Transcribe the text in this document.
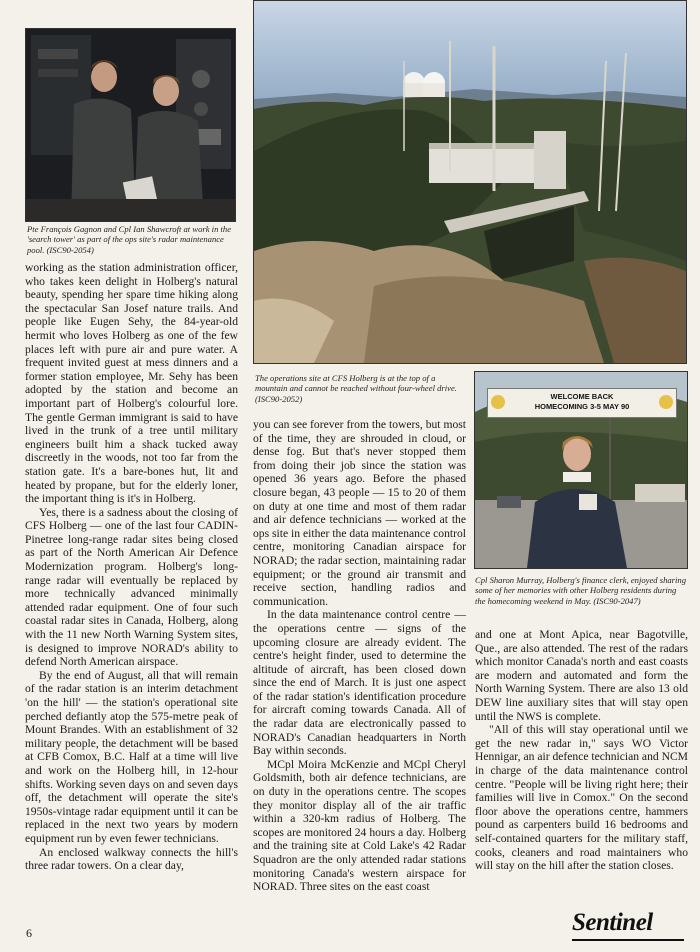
Pte François Gagnon and Cpl Ian Shawcroft at work in the 'search tower' as part of the ops site's radar maintenance pool. (ISC90-2054)
The operations site at CFS Holberg is at the top of a mountain and cannot be reached without four-wheel drive. (ISC90-2052)	WELCOME BACK
HOMECOMING 3-5 MAY 90
Cpl Sharon Murray, Holberg's finance clerk, enjoyed sharing some of her memories with other Holberg residents during the homecoming weekend in May. (ISC90-2047)

working as the station administration officer, who takes keen delight in Holberg's natural beauty, spending her spare time hiking along the spectacular San Josef nature trails. And people like Eugen Sehy, the 84-year-old hermit who loves Holberg as one of the few places left with pure air and pure water. A frequent invited guest at mess dinners and a former station employee, Mr. Sehy has been adopted by the station and become an important part of Holberg's colourful lore. The gentle German immigrant is said to have lived in the trunk of a tree until military engineers built him a shack tucked away discreetly in the woods, not too far from the station gate. It's a bare-bones hut, lit and heated by propane, but for the elderly loner, the important thing is it's in Holberg.

Yes, there is a sadness about the closing of CFS Holberg — one of the last four CADIN-Pinetree long-range radar sites being closed as part of the North American Air Defence Modernization program. Holberg's long-range radar will eventually be replaced by more technically advanced minimally attended radar equipment. One of four such coastal radar sites in Canada, Holberg, along with the 11 new North Warning System sites, is designed to improve NORAD's ability to defend North American airspace.

By the end of August, all that will remain of the radar station is an interim detachment 'on the hill' — the station's operational site perched defiantly atop the 575-metre peak of Mount Brandes. With an establishment of 32 military people, the detachment will be based at CFB Comox, B.C. Half at a time will live and work on the Holberg hill, in 12-hour shifts. Working seven days on and seven days off, the detachment will operate the site's 1950s-vintage radar equipment until it can be replaced in the next two years by modern equipment run by even fewer technicians.

An enclosed walkway connects the hill's three radar towers. On a clear day,

you can see forever from the towers, but most of the time, they are shrouded in cloud, or dense fog. But that's never stopped them from doing their job since the station was opened 36 years ago. Before the phased closure began, 43 people — 15 to 20 of them on duty at one time and most of them radar and air defence technicians — worked at the ops site in either the data maintenance control centre, monitoring Canadian airspace for NORAD; the radar section, maintaining radar equipment; or the ground air transmit and receive section, handling radios and communication.

In the data maintenance control centre — the operations centre — signs of the upcoming closure are already evident. The centre's height finder, used to determine the altitude of aircraft, has been closed down since the end of March. It is just one aspect of the radar station's identification procedure for aircraft coming towards Canada. All of the radar data are electronically passed to NORAD's Canadian headquarters in North Bay within seconds.

MCpl Moira McKenzie and MCpl Cheryl Goldsmith, both air defence technicians, are on duty in the operations centre. The scopes they monitor display all of the air traffic within a 320-km radius of Holberg. The scopes are monitored 24 hours a day. Holberg and the training site at Cold Lake's 42 Radar Squadron are the only attended radar stations monitoring Canada's western airspace for NORAD. Three sites on the east coast

and one at Mont Apica, near Bagotville, Que., are also attended. The rest of the radars which monitor Canada's north and east coasts are modern and automated and form the North Warning System. There are also 13 old DEW line auxiliary sites that will stay open until the NWS is complete.

"All of this will stay operational until we get the new radar in," says WO Victor Hennigar, an air defence technician and NCM in charge of the data maintenance control centre. "People will be living right here; their families will live in Comox." On the second floor above the operations centre, hammers pound as carpenters build 16 bedrooms and self-contained quarters for the military staff, cooks, cleaners and road maintainers who will stay on the hill after the station closes.

6	Sentinel
